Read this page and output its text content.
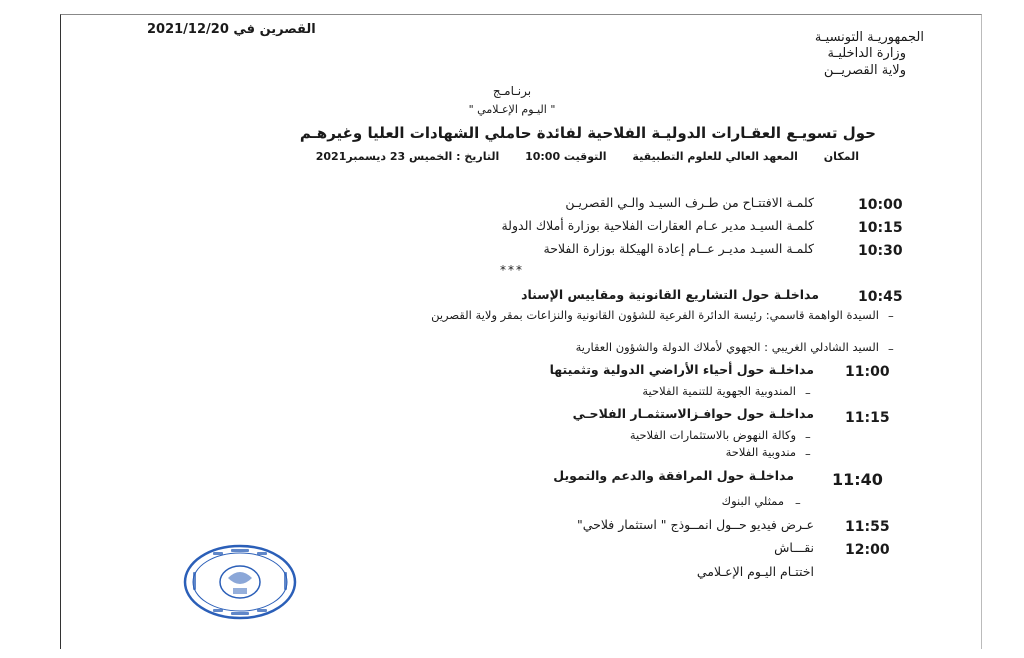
القصرين في 2021/12/20
الجمهوريـة التونسيـة
وزارة الداخليـة
ولاية القصريــن
برنـامـج
" اليـوم الإعـلامي "
حول تسويـع العقـارات الدوليـة الفلاحية لفائدة حاملي الشهادات العليا وغيرهـم
المكان المعهد العالي للعلوم التطبيقية التوقيت 10:00 التاريخ : الخميس 23 ديسمبر2021
10:00
كلمـة الافتتـاح من طـرف السيـد والـي القصريـن
10:15
كلمـة السيـد مدير عـام العقارات الفلاحية بوزارة أملاك الدولة
10:30
كلمـة السيـد مديـر عــام إعادة الهيكلة بوزارة الفلاحة
***
10:45
مداخلـة حول التشاريع القانونية ومقاييس الإسناد
–
السيدة الواهمة قاسمي: رئيسة الدائرة الفرعية للشؤون القانونية والنزاعات بمقر ولاية القصرين
–
السيد الشادلي الغريبي : الجهوي لأملاك الدولة والشؤون العقارية
11:00
مداخلـة حول أحياء الأراضي الدولية وتثميتها
–
المندوبية الجهوية للتنمية الفلاحية
11:15
مداخلـة حول حوافـزالاستثمـار الفلاحـي
–
وكالة النهوض بالاستثمارات الفلاحية
–
مندوبية الفلاحة
11:40
مداخلـة حول المرافقة والدعم والتمويل
–
ممثلي البنوك
11:55
عـرض فيديو حــول انمــوذج " استثمار فلاحي"
12:00
نقـــاش
اختتـام اليـوم الإعـلامي
